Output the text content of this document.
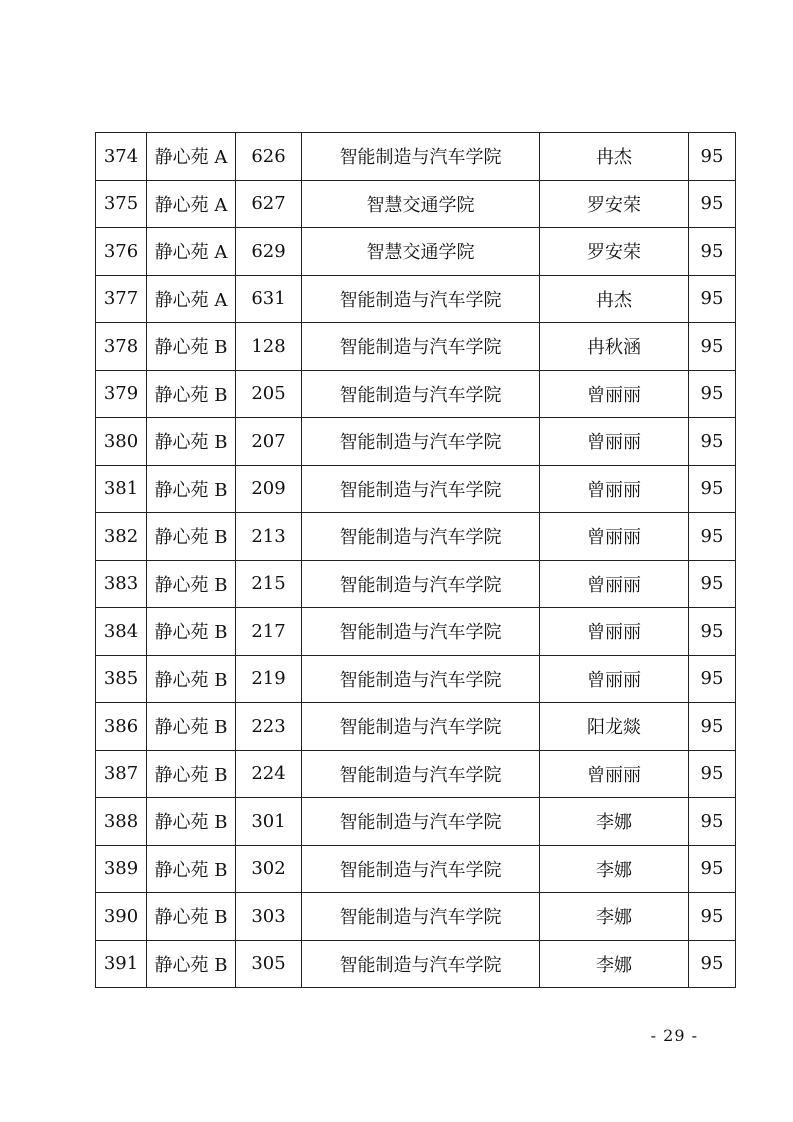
374	静心苑 A	626	智能制造与汽车学院	冉杰	95
375	静心苑 A	627	智慧交通学院	罗安荣	95
376	静心苑 A	629	智慧交通学院	罗安荣	95
377	静心苑 A	631	智能制造与汽车学院	冉杰	95
378	静心苑 B	128	智能制造与汽车学院	冉秋涵	95
379	静心苑 B	205	智能制造与汽车学院	曾丽丽	95
380	静心苑 B	207	智能制造与汽车学院	曾丽丽	95
381	静心苑 B	209	智能制造与汽车学院	曾丽丽	95
382	静心苑 B	213	智能制造与汽车学院	曾丽丽	95
383	静心苑 B	215	智能制造与汽车学院	曾丽丽	95
384	静心苑 B	217	智能制造与汽车学院	曾丽丽	95
385	静心苑 B	219	智能制造与汽车学院	曾丽丽	95
386	静心苑 B	223	智能制造与汽车学院	阳龙燚	95
387	静心苑 B	224	智能制造与汽车学院	曾丽丽	95
388	静心苑 B	301	智能制造与汽车学院	李娜	95
389	静心苑 B	302	智能制造与汽车学院	李娜	95
390	静心苑 B	303	智能制造与汽车学院	李娜	95
391	静心苑 B	305	智能制造与汽车学院	李娜	95
- 29 -
